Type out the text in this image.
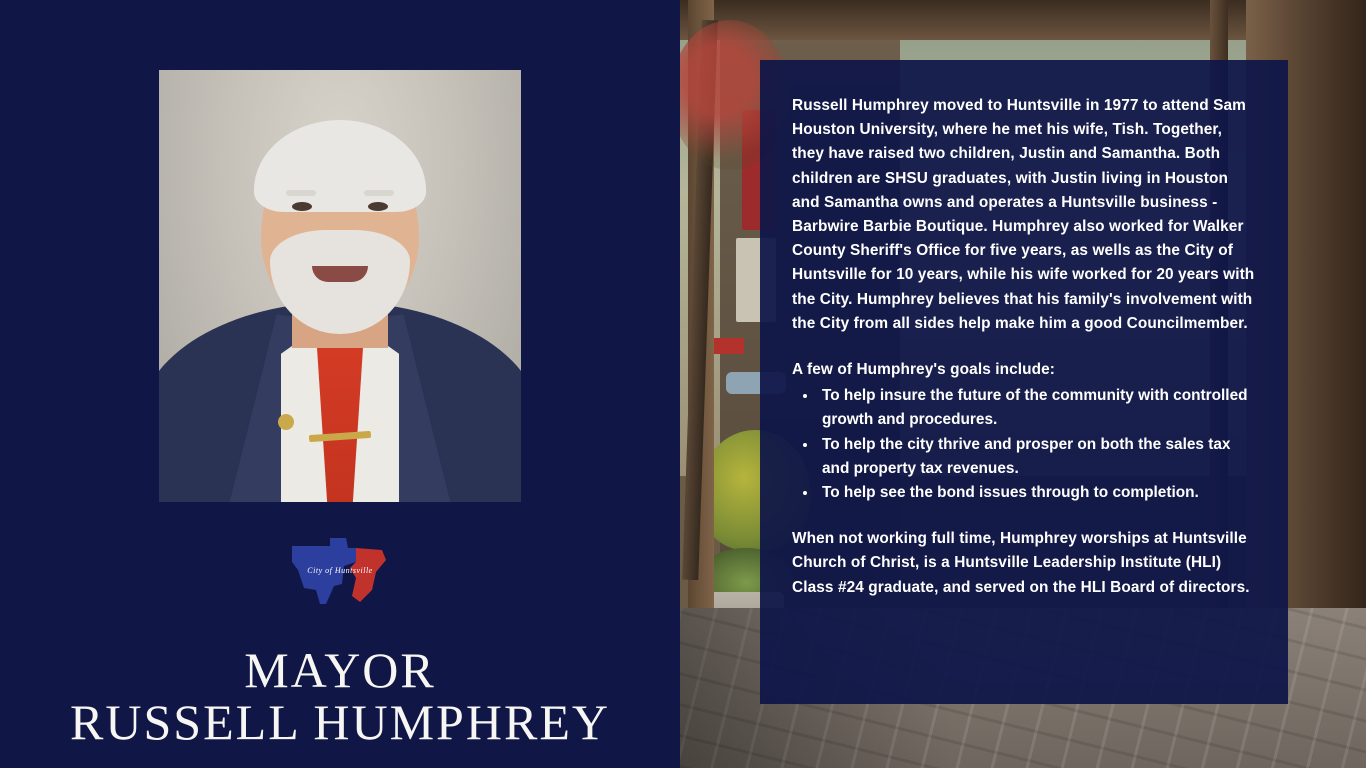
City of Huntsville
MAYOR
RUSSELL HUMPHREY

Russell Humphrey moved to Huntsville in 1977 to attend Sam Houston University, where he met his wife, Tish. Together, they have raised two children, Justin and Samantha. Both children are SHSU graduates, with Justin living in Houston and Samantha owns and operates a Huntsville business - Barbwire Barbie Boutique. Humphrey also worked for Walker County Sheriff's Office for five years, as wells as the City of Huntsville for 10 years, while his wife worked for 20 years with the City. Humphrey believes that his family's involvement with the City from all sides help make him a good Councilmember.

A few of Humphrey's goals include:

• To help insure the future of the community with controlled growth and procedures.
• To help the city thrive and prosper on both the sales tax and property tax revenues.
• To help see the bond issues through to completion.

When not working full time, Humphrey worships at Huntsville Church of Christ, is a Huntsville Leadership Institute (HLI) Class #24 graduate, and served on the HLI Board of directors.
